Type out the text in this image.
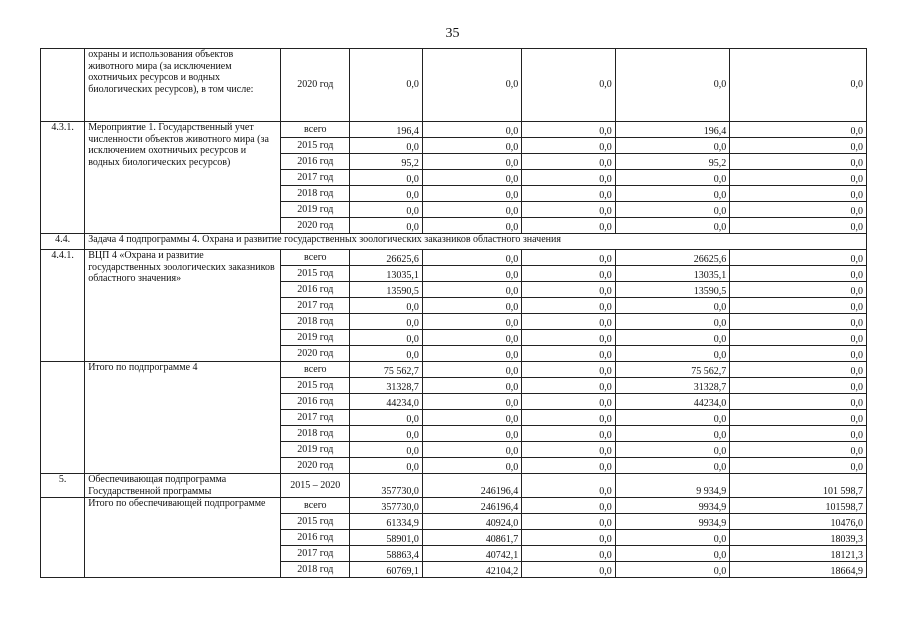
35
	охраны и использования объектов животного мира (за исключением охотничьих ресурсов и водных биологических ресурсов), в том числе:	2020 год	0,0	0,0	0,0	0,0	0,0
4.3.1.	Мероприятие 1. Государственный учет численности объектов животного мира (за исключением охотничьих ресурсов и водных биологических ресурсов)	всего	196,4	0,0	0,0	196,4	0,0
		2015 год	0,0	0,0	0,0	0,0	0,0
		2016 год	95,2	0,0	0,0	95,2	0,0
		2017 год	0,0	0,0	0,0	0,0	0,0
		2018 год	0,0	0,0	0,0	0,0	0,0
		2019 год	0,0	0,0	0,0	0,0	0,0
		2020 год	0,0	0,0	0,0	0,0	0,0
4.4.	Задача 4 подпрограммы 4. Охрана и развитие государственных зоологических заказников областного значения						
4.4.1.	ВЦП 4 «Охрана и развитие государственных зоологических заказников областного значения»	всего	26625,6	0,0	0,0	26625,6	0,0
		2015 год	13035,1	0,0	0,0	13035,1	0,0
		2016 год	13590,5	0,0	0,0	13590,5	0,0
		2017 год	0,0	0,0	0,0	0,0	0,0
		2018 год	0,0	0,0	0,0	0,0	0,0
		2019 год	0,0	0,0	0,0	0,0	0,0
		2020 год	0,0	0,0	0,0	0,0	0,0
	Итого по подпрограмме 4	всего	75 562,7	0,0	0,0	75 562,7	0,0
		2015 год	31328,7	0,0	0,0	31328,7	0,0
		2016 год	44234,0	0,0	0,0	44234,0	0,0
		2017 год	0,0	0,0	0,0	0,0	0,0
		2018 год	0,0	0,0	0,0	0,0	0,0
		2019 год	0,0	0,0	0,0	0,0	0,0
		2020 год	0,0	0,0	0,0	0,0	0,0
5.	Обеспечивающая подпрограмма Государственной программы	2015 – 2020	357730,0	246196,4	0,0	9 934,9	101 598,7
	Итого по обеспечивающей подпрограмме	всего	357730,0	246196,4	0,0	9934,9	101598,7
		2015 год	61334,9	40924,0	0,0	9934,9	10476,0
		2016 год	58901,0	40861,7	0,0	0,0	18039,3
		2017 год	58863,4	40742,1	0,0	0,0	18121,3
		2018 год	60769,1	42104,2	0,0	0,0	18664,9
